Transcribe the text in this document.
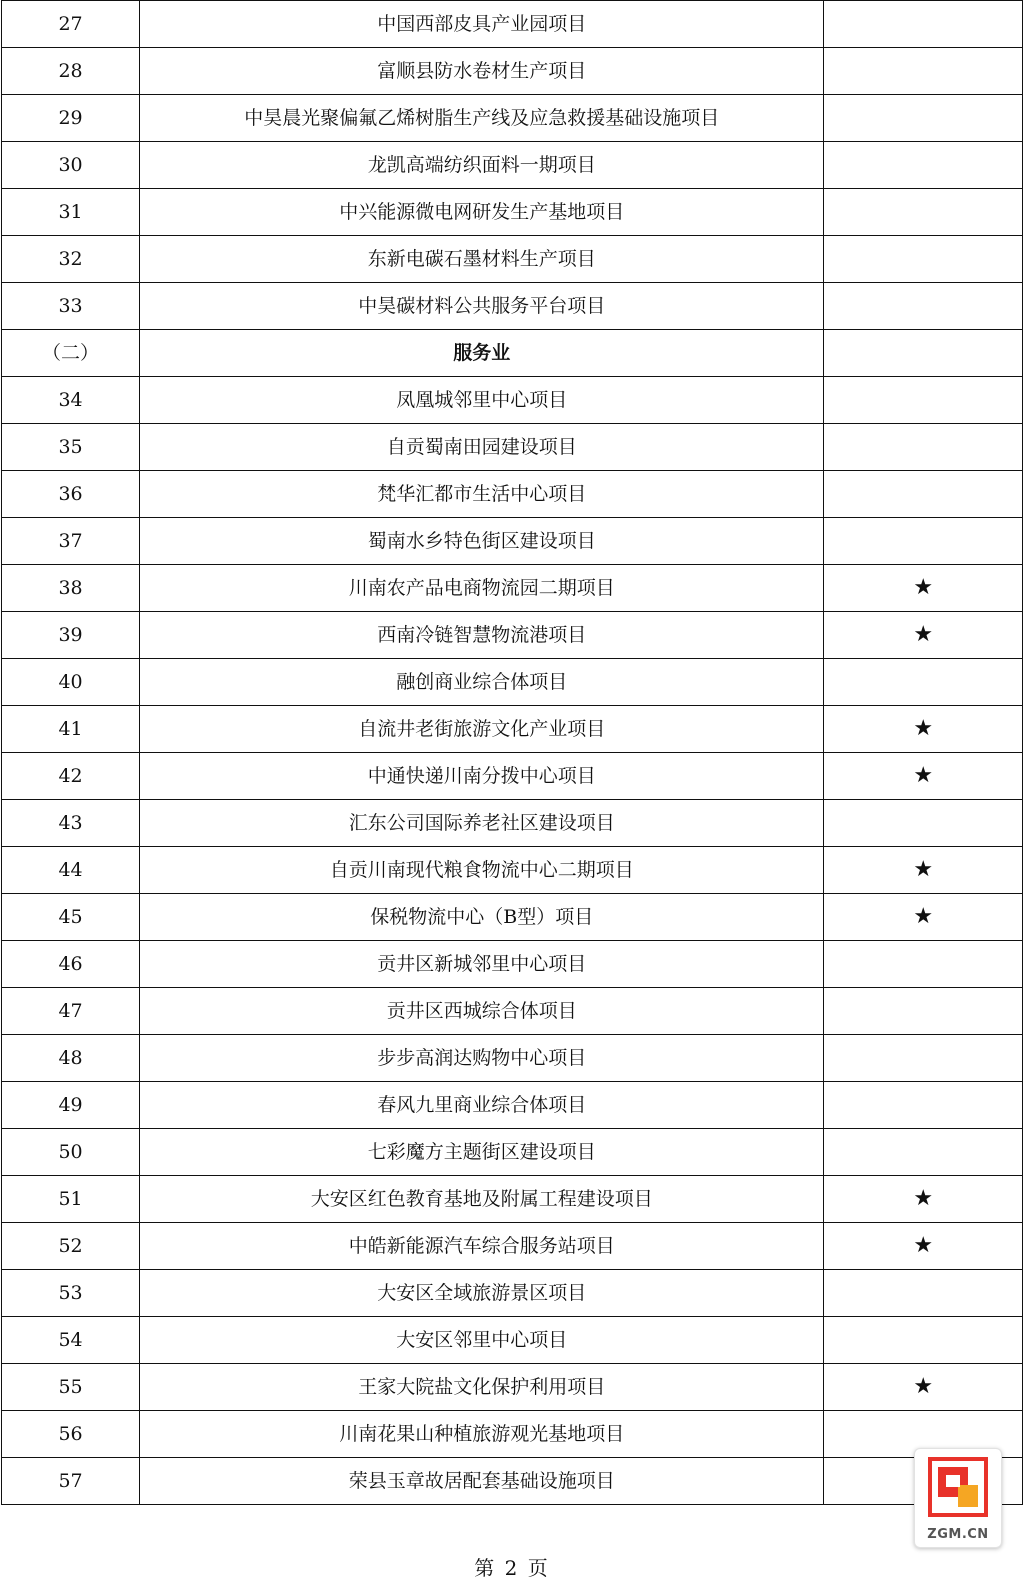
27	中国西部皮具产业园项目	
28	富顺县防水卷材生产项目	
29	中昊晨光聚偏氟乙烯树脂生产线及应急救援基础设施项目	
30	龙凯高端纺织面料一期项目	
31	中兴能源微电网研发生产基地项目	
32	东新电碳石墨材料生产项目	
33	中昊碳材料公共服务平台项目	
（二）	服务业	
34	凤凰城邻里中心项目	
35	自贡蜀南田园建设项目	
36	梵华汇都市生活中心项目	
37	蜀南水乡特色街区建设项目	
38	川南农产品电商物流园二期项目	★
39	西南冷链智慧物流港项目	★
40	融创商业综合体项目	
41	自流井老街旅游文化产业项目	★
42	中通快递川南分拨中心项目	★
43	汇东公司国际养老社区建设项目	
44	自贡川南现代粮食物流中心二期项目	★
45	保税物流中心（B型）项目	★
46	贡井区新城邻里中心项目	
47	贡井区西城综合体项目	
48	步步高润达购物中心项目	
49	春风九里商业综合体项目	
50	七彩魔方主题街区建设项目	
51	大安区红色教育基地及附属工程建设项目	★
52	中皓新能源汽车综合服务站项目	★
53	大安区全域旅游景区项目	
54	大安区邻里中心项目	
55	王家大院盐文化保护利用项目	★
56	川南花果山种植旅游观光基地项目	
57	荣县玉章故居配套基础设施项目	
第 2 页
ZGM.CN
